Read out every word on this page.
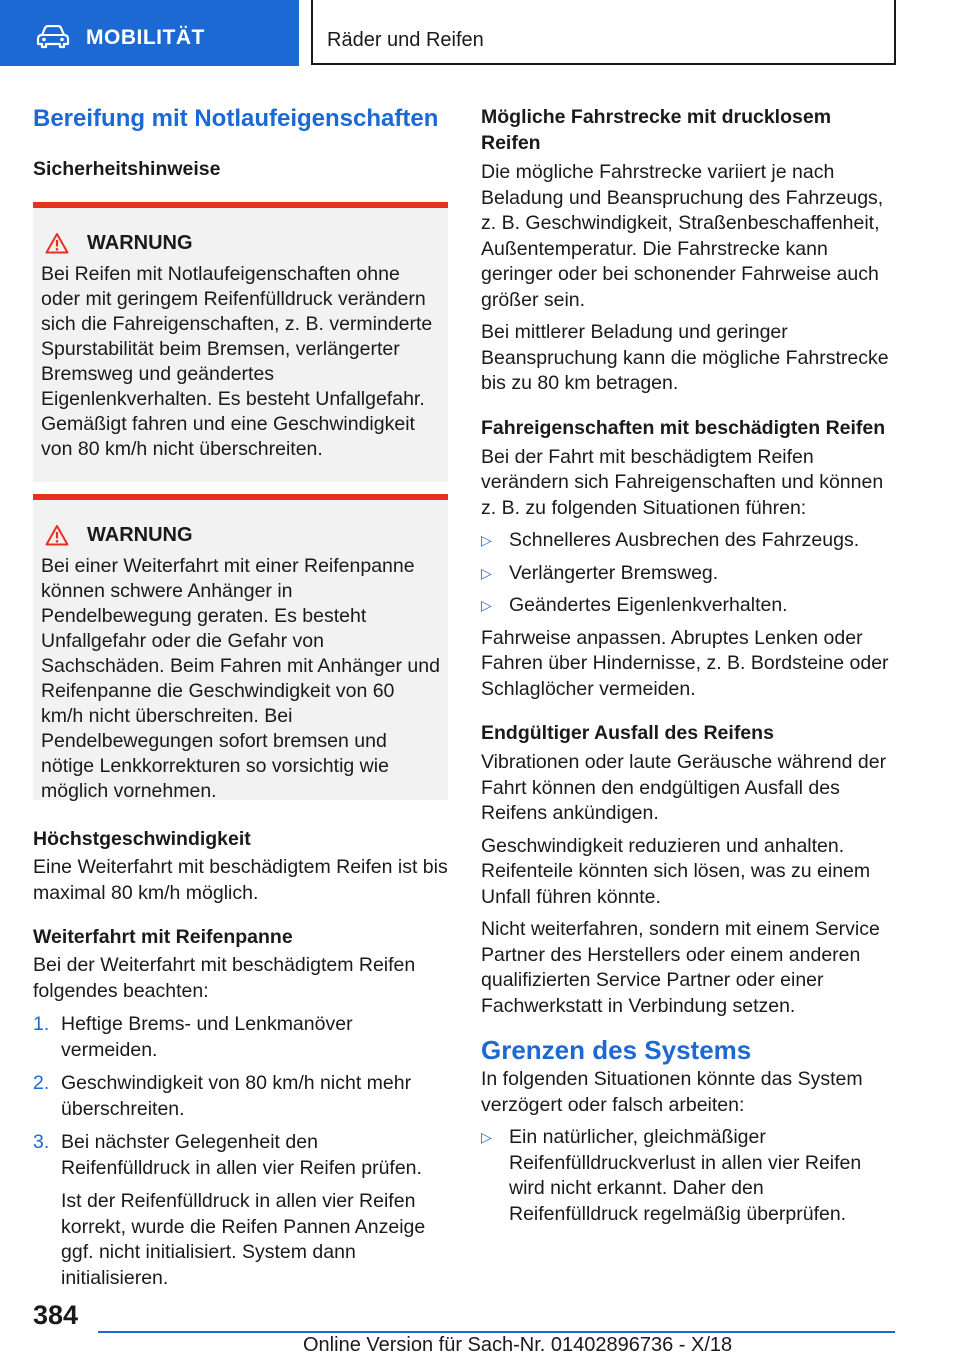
MOBILITÄT	Räder und Reifen
Bereifung mit Notlaufeigenschaften
Sicherheitshinweise
WARNUNG
Bei Reifen mit Notlaufeigenschaften ohne oder mit geringem Reifenfülldruck verändern sich die Fahreigenschaften, z. B. verminderte Spurstabilität beim Bremsen, verlängerter Bremsweg und geändertes Eigenlenkverhalten. Es besteht Unfallgefahr. Gemäßigt fahren und eine Geschwindigkeit von 80 km/h nicht überschreiten.
WARNUNG
Bei einer Weiterfahrt mit einer Reifenpanne können schwere Anhänger in Pendelbewegung geraten. Es besteht Unfallgefahr oder die Gefahr von Sachschäden. Beim Fahren mit Anhänger und Reifenpanne die Geschwindigkeit von 60 km/h nicht überschreiten. Bei Pendelbewegungen sofort bremsen und nötige Lenkkorrekturen so vorsichtig wie möglich vornehmen.
Höchstgeschwindigkeit

Eine Weiterfahrt mit beschädigtem Reifen ist bis maximal 80 km/h möglich.

Weiterfahrt mit Reifenpanne

Bei der Weiterfahrt mit beschädigtem Reifen folgendes beachten:

1. Heftige Brems- und Lenkmanöver vermeiden.
2. Geschwindigkeit von 80 km/h nicht mehr überschreiten.
3. Bei nächster Gelegenheit den Reifenfülldruck in allen vier Reifen prüfen.

Ist der Reifenfülldruck in allen vier Reifen korrekt, wurde die Reifen Pannen Anzeige ggf. nicht initialisiert. System dann initialisieren.

Mögliche Fahrstrecke mit drucklosem Reifen

Die mögliche Fahrstrecke variiert je nach Beladung und Beanspruchung des Fahrzeugs, z. B. Geschwindigkeit, Straßenbeschaffenheit, Außentemperatur. Die Fahrstrecke kann geringer oder bei schonender Fahrweise auch größer sein.

Bei mittlerer Beladung und geringer Beanspruchung kann die mögliche Fahrstrecke bis zu 80 km betragen.

Fahreigenschaften mit beschädigten Reifen

Bei der Fahrt mit beschädigtem Reifen verändern sich Fahreigenschaften und können z. B. zu folgenden Situationen führen:

▷ Schnelleres Ausbrechen des Fahrzeugs.
▷ Verlängerter Bremsweg.
▷ Geändertes Eigenlenkverhalten.

Fahrweise anpassen. Abruptes Lenken oder Fahren über Hindernisse, z. B. Bordsteine oder Schlaglöcher vermeiden.

Endgültiger Ausfall des Reifens

Vibrationen oder laute Geräusche während der Fahrt können den endgültigen Ausfall des Reifens ankündigen.

Geschwindigkeit reduzieren und anhalten. Reifenteile könnten sich lösen, was zu einem Unfall führen könnte.

Nicht weiterfahren, sondern mit einem Service Partner des Herstellers oder einem anderen qualifizierten Service Partner oder einer Fachwerkstatt in Verbindung setzen.

Grenzen des Systems

In folgenden Situationen könnte das System verzögert oder falsch arbeiten:

▷ Ein natürlicher, gleichmäßiger Reifenfülldruckverlust in allen vier Reifen wird nicht erkannt. Daher den Reifenfülldruck regelmäßig überprüfen.
384
Online Version für Sach-Nr. 01402896736 - X/18
